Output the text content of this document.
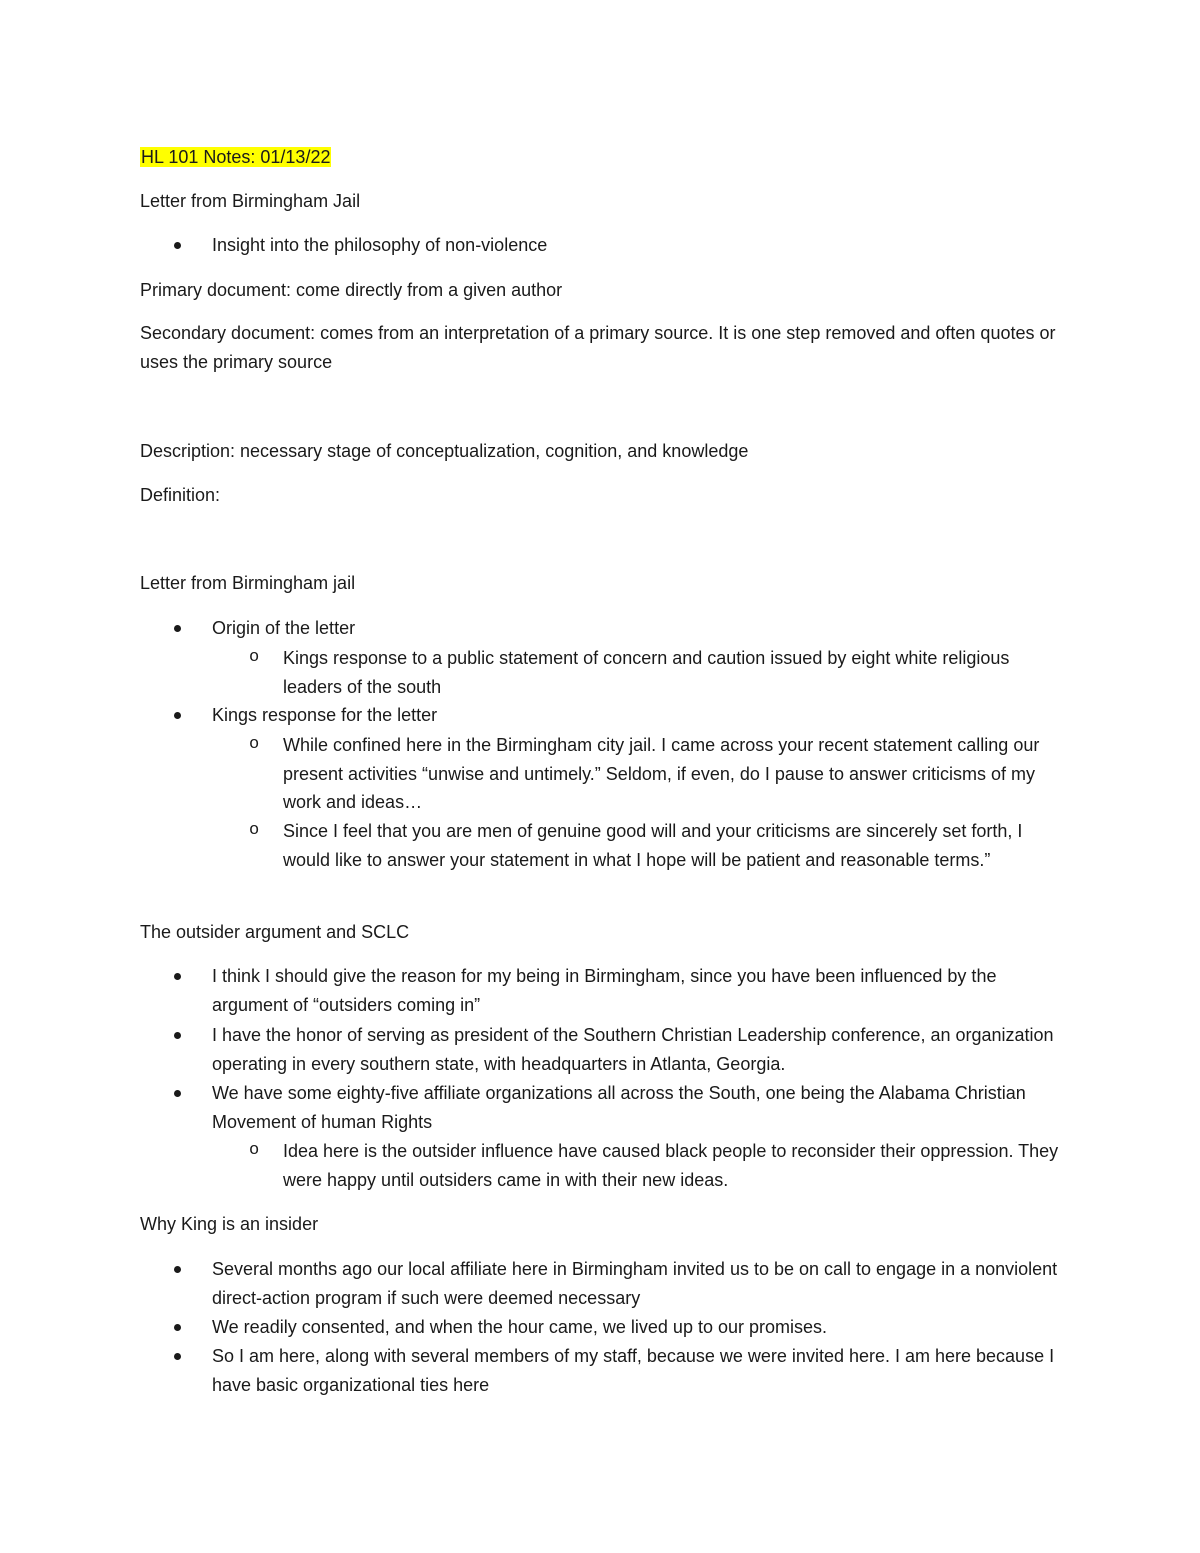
HL 101 Notes: 01/13/22
Letter from Birmingham Jail
Insight into the philosophy of non-violence
Primary document: come directly from a given author
Secondary document: comes from an interpretation of a primary source. It is one step removed and often quotes or uses the primary source
Description: necessary stage of conceptualization, cognition, and knowledge
Definition:
Letter from Birmingham jail
Origin of the letter
o Kings response to a public statement of concern and caution issued by eight white religious leaders of the south
Kings response for the letter
o While confined here in the Birmingham city jail. I came across your recent statement calling our present activities “unwise and untimely.” Seldom, if even, do I pause to answer criticisms of my work and ideas…
o Since I feel that you are men of genuine good will and your criticisms are sincerely set forth, I would like to answer your statement in what I hope will be patient and reasonable terms.”
The outsider argument and SCLC
I think I should give the reason for my being in Birmingham, since you have been influenced by the argument of “outsiders coming in”
I have the honor of serving as president of the Southern Christian Leadership conference, an organization operating in every southern state, with headquarters in Atlanta, Georgia.
We have some eighty-five affiliate organizations all across the South, one being the Alabama Christian Movement of human Rights
o Idea here is the outsider influence have caused black people to reconsider their oppression. They were happy until outsiders came in with their new ideas.
Why King is an insider
Several months ago our local affiliate here in Birmingham invited us to be on call to engage in a nonviolent direct-action program if such were deemed necessary
We readily consented, and when the hour came, we lived up to our promises.
So I am here, along with several members of my staff, because we were invited here. I am here because I have basic organizational ties here
